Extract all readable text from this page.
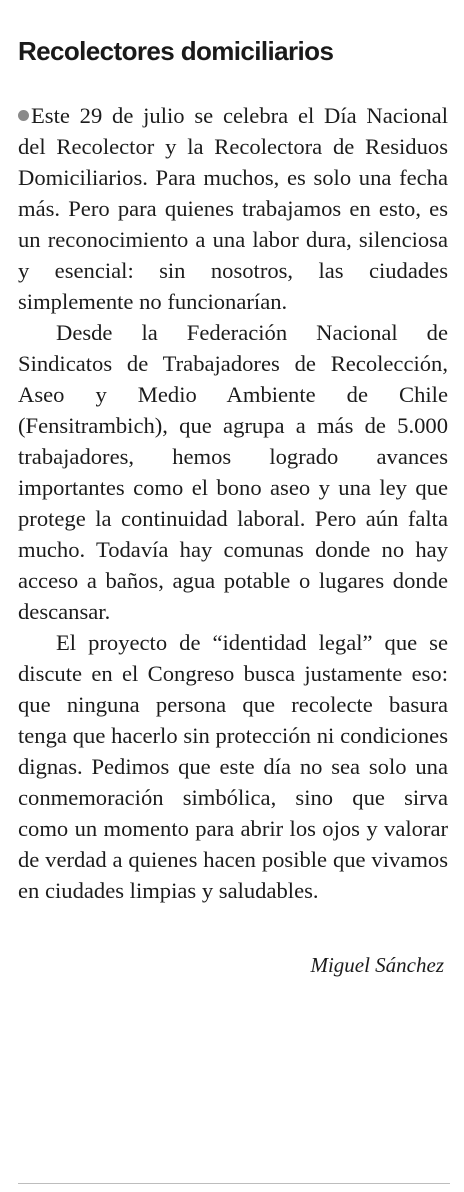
Recolectores domiciliarios

Este 29 de julio se celebra el Día Nacional del Recolector y la Recolectora de Residuos Domiciliarios. Para muchos, es solo una fecha más. Pero para quienes trabajamos en esto, es un reconocimiento a una labor dura, silenciosa y esencial: sin nosotros, las ciudades simplemente no funcionarían.

Desde la Federación Nacional de Sindicatos de Trabajadores de Recolección, Aseo y Medio Ambiente de Chile (Fensitrambich), que agrupa a más de 5.000 trabajadores, hemos logrado avances importantes como el bono aseo y una ley que protege la continuidad laboral. Pero aún falta mucho. Todavía hay comunas donde no hay acceso a baños, agua potable o lugares donde descansar.

El proyecto de “identidad legal” que se discute en el Congreso busca justamente eso: que ninguna persona que recolecte basura tenga que hacerlo sin protección ni condiciones dignas. Pedimos que este día no sea solo una conmemoración simbólica, sino que sirva como un momento para abrir los ojos y valorar de verdad a quienes hacen posible que vivamos en ciudades limpias y saludables.

Miguel Sánchez
